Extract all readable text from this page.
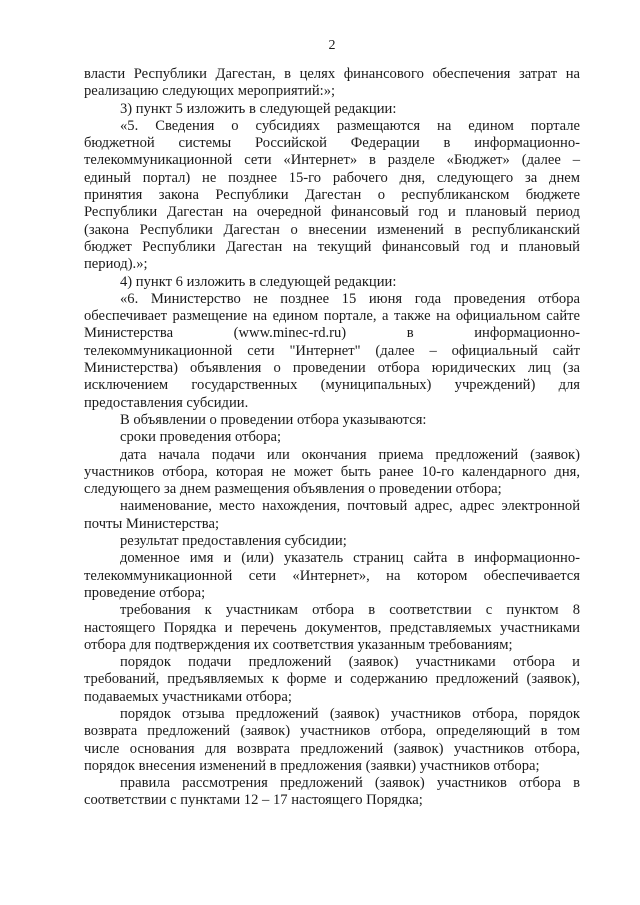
2
власти Республики Дагестан, в целях финансового обеспечения затрат на
реализацию следующих мероприятий:»;
3) пункт 5 изложить в следующей редакции:
«5. Сведения о субсидиях размещаются на едином портале
бюджетной системы Российской Федерации в информационно-
телекоммуникационной сети «Интернет» в разделе «Бюджет» (далее –
единый портал) не позднее 15-го рабочего дня, следующего за днем
принятия закона Республики Дагестан о республиканском бюджете
Республики Дагестан на очередной финансовый год и плановый период
(закона Республики Дагестан о внесении изменений в республиканский
бюджет Республики Дагестан на текущий финансовый год и плановый
период).»;
4) пункт 6 изложить в следующей редакции:
«6. Министерство не позднее 15 июня года проведения отбора
обеспечивает размещение на едином портале, а также на официальном сайте
Министерства (www.minec-rd.ru) в информационно-
телекоммуникационной сети "Интернет" (далее – официальный сайт
Министерства) объявления о проведении отбора юридических лиц (за
исключением государственных (муниципальных) учреждений) для
предоставления субсидии.
В объявлении о проведении отбора указываются:
сроки проведения отбора;
дата начала подачи или окончания приема предложений (заявок)
участников отбора, которая не может быть ранее 10-го календарного дня,
следующего за днем размещения объявления о проведении отбора;
наименование, место нахождения, почтовый адрес, адрес электронной
почты Министерства;
результат предоставления субсидии;
доменное имя и (или) указатель страниц сайта в информационно-
телекоммуникационной сети «Интернет», на котором обеспечивается
проведение отбора;
требования к участникам отбора в соответствии с пунктом 8
настоящего Порядка и перечень документов, представляемых участниками
отбора для подтверждения их соответствия указанным требованиям;
порядок подачи предложений (заявок) участниками отбора и
требований, предъявляемых к форме и содержанию предложений (заявок),
подаваемых участниками отбора;
порядок отзыва предложений (заявок) участников отбора, порядок
возврата предложений (заявок) участников отбора, определяющий в том
числе основания для возврата предложений (заявок) участников отбора,
порядок внесения изменений в предложения (заявки) участников отбора;
правила рассмотрения предложений (заявок) участников отбора в
соответствии с пунктами 12 – 17 настоящего Порядка;
